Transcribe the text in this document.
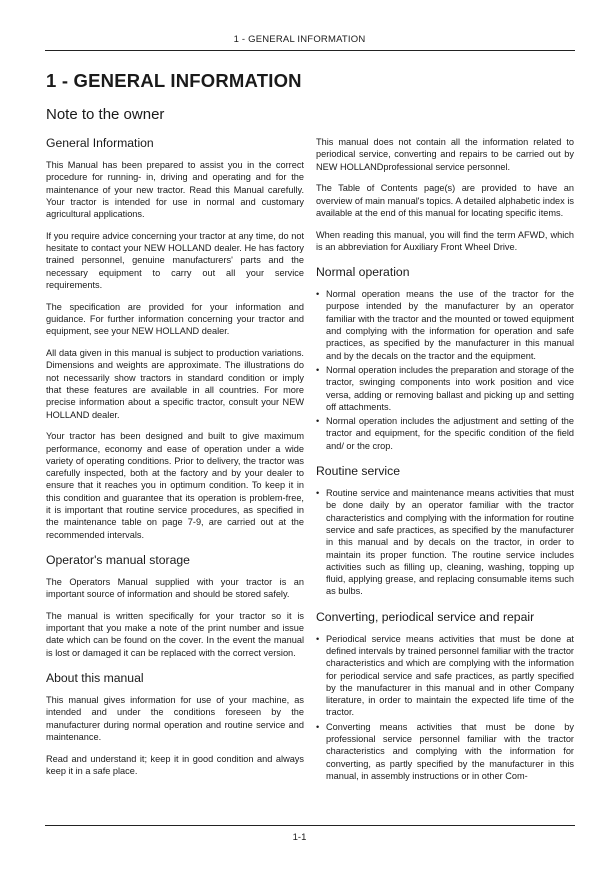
1 - GENERAL INFORMATION
1 - GENERAL INFORMATION
Note to the owner
General Information

This Manual has been prepared to assist you in the correct procedure for running- in, driving and operating and for the maintenance of your new tractor. Read this Manual carefully. Your tractor is intended for use in normal and customary agricultural applications.

If you require advice concerning your tractor at any time, do not hesitate to contact your NEW HOLLAND dealer. He has factory trained personnel, genuine manufacturers' parts and the necessary equipment to carry out all your service requirements.

The specification are provided for your information and guidance. For further information concerning your tractor and equipment, see your NEW HOLLAND dealer.

All data given in this manual is subject to production variations. Dimensions and weights are approximate. The illustrations do not necessarily show tractors in standard condition or imply that these features are available in all countries. For more precise information about a specific tractor, consult your NEW HOLLAND dealer.

Your tractor has been designed and built to give maximum performance, economy and ease of operation under a wide variety of operating conditions. Prior to delivery, the tractor was carefully inspected, both at the factory and by your dealer to ensure that it reaches you in optimum condition. To keep it in this condition and guarantee that its operation is problem-free, it is important that routine service procedures, as specified in the maintenance table on page 7-9, are carried out at the recommended intervals.

Operator's manual storage

The Operators Manual supplied with your tractor is an important source of information and should be stored safely.

The manual is written specifically for your tractor so it is important that you make a note of the print number and issue date which can be found on the cover. In the event the manual is lost or damaged it can be replaced with the correct version.

About this manual

This manual gives information for use of your machine, as intended and under the conditions foreseen by the manufacturer during normal operation and routine service and maintenance.

Read and understand it; keep it in good condition and always keep it in a safe place.

This manual does not contain all the information related to periodical service, converting and repairs to be carried out by NEW HOLLANDprofessional service personnel.

The Table of Contents page(s) are provided to have an overview of main manual's topics. A detailed alphabetic index is available at the end of this manual for locating specific items.

When reading this manual, you will find the term AFWD, which is an abbreviation for Auxiliary Front Wheel Drive.

Normal operation
• Normal operation means the use of the tractor for the purpose intended by the manufacturer by an operator familiar with the tractor and the mounted or towed equipment and complying with the information for operation and safe practices, as specified by the manufacturer in this manual and by the decals on the tractor and the equipment.
• Normal operation includes the preparation and storage of the tractor, swinging components into work position and vice versa, adding or removing ballast and picking up and setting off attachments.
• Normal operation includes the adjustment and setting of the tractor and equipment, for the specific condition of the field and/ or the crop.
Routine service
• Routine service and maintenance means activities that must be done daily by an operator familiar with the tractor characteristics and complying with the information for routine service and safe practices, as specified by the manufacturer in this manual and by decals on the tractor, in order to maintain its proper function. The routine service includes activities such as filling up, cleaning, washing, topping up fluid, applying grease, and replacing consumable items such as bulbs.
Converting, periodical service and repair
• Periodical service means activities that must be done at defined intervals by trained personnel familiar with the tractor characteristics and which are complying with the information for periodical service and safe practices, as partly specified by the manufacturer in this manual and in other Company literature, in order to maintain the expected life time of the tractor.
• Converting means activities that must be done by professional service personnel familiar with the tractor characteristics and complying with the information for converting, as partly specified by the manufacturer in this manual, in assembly instructions or in other Com-
1-1
